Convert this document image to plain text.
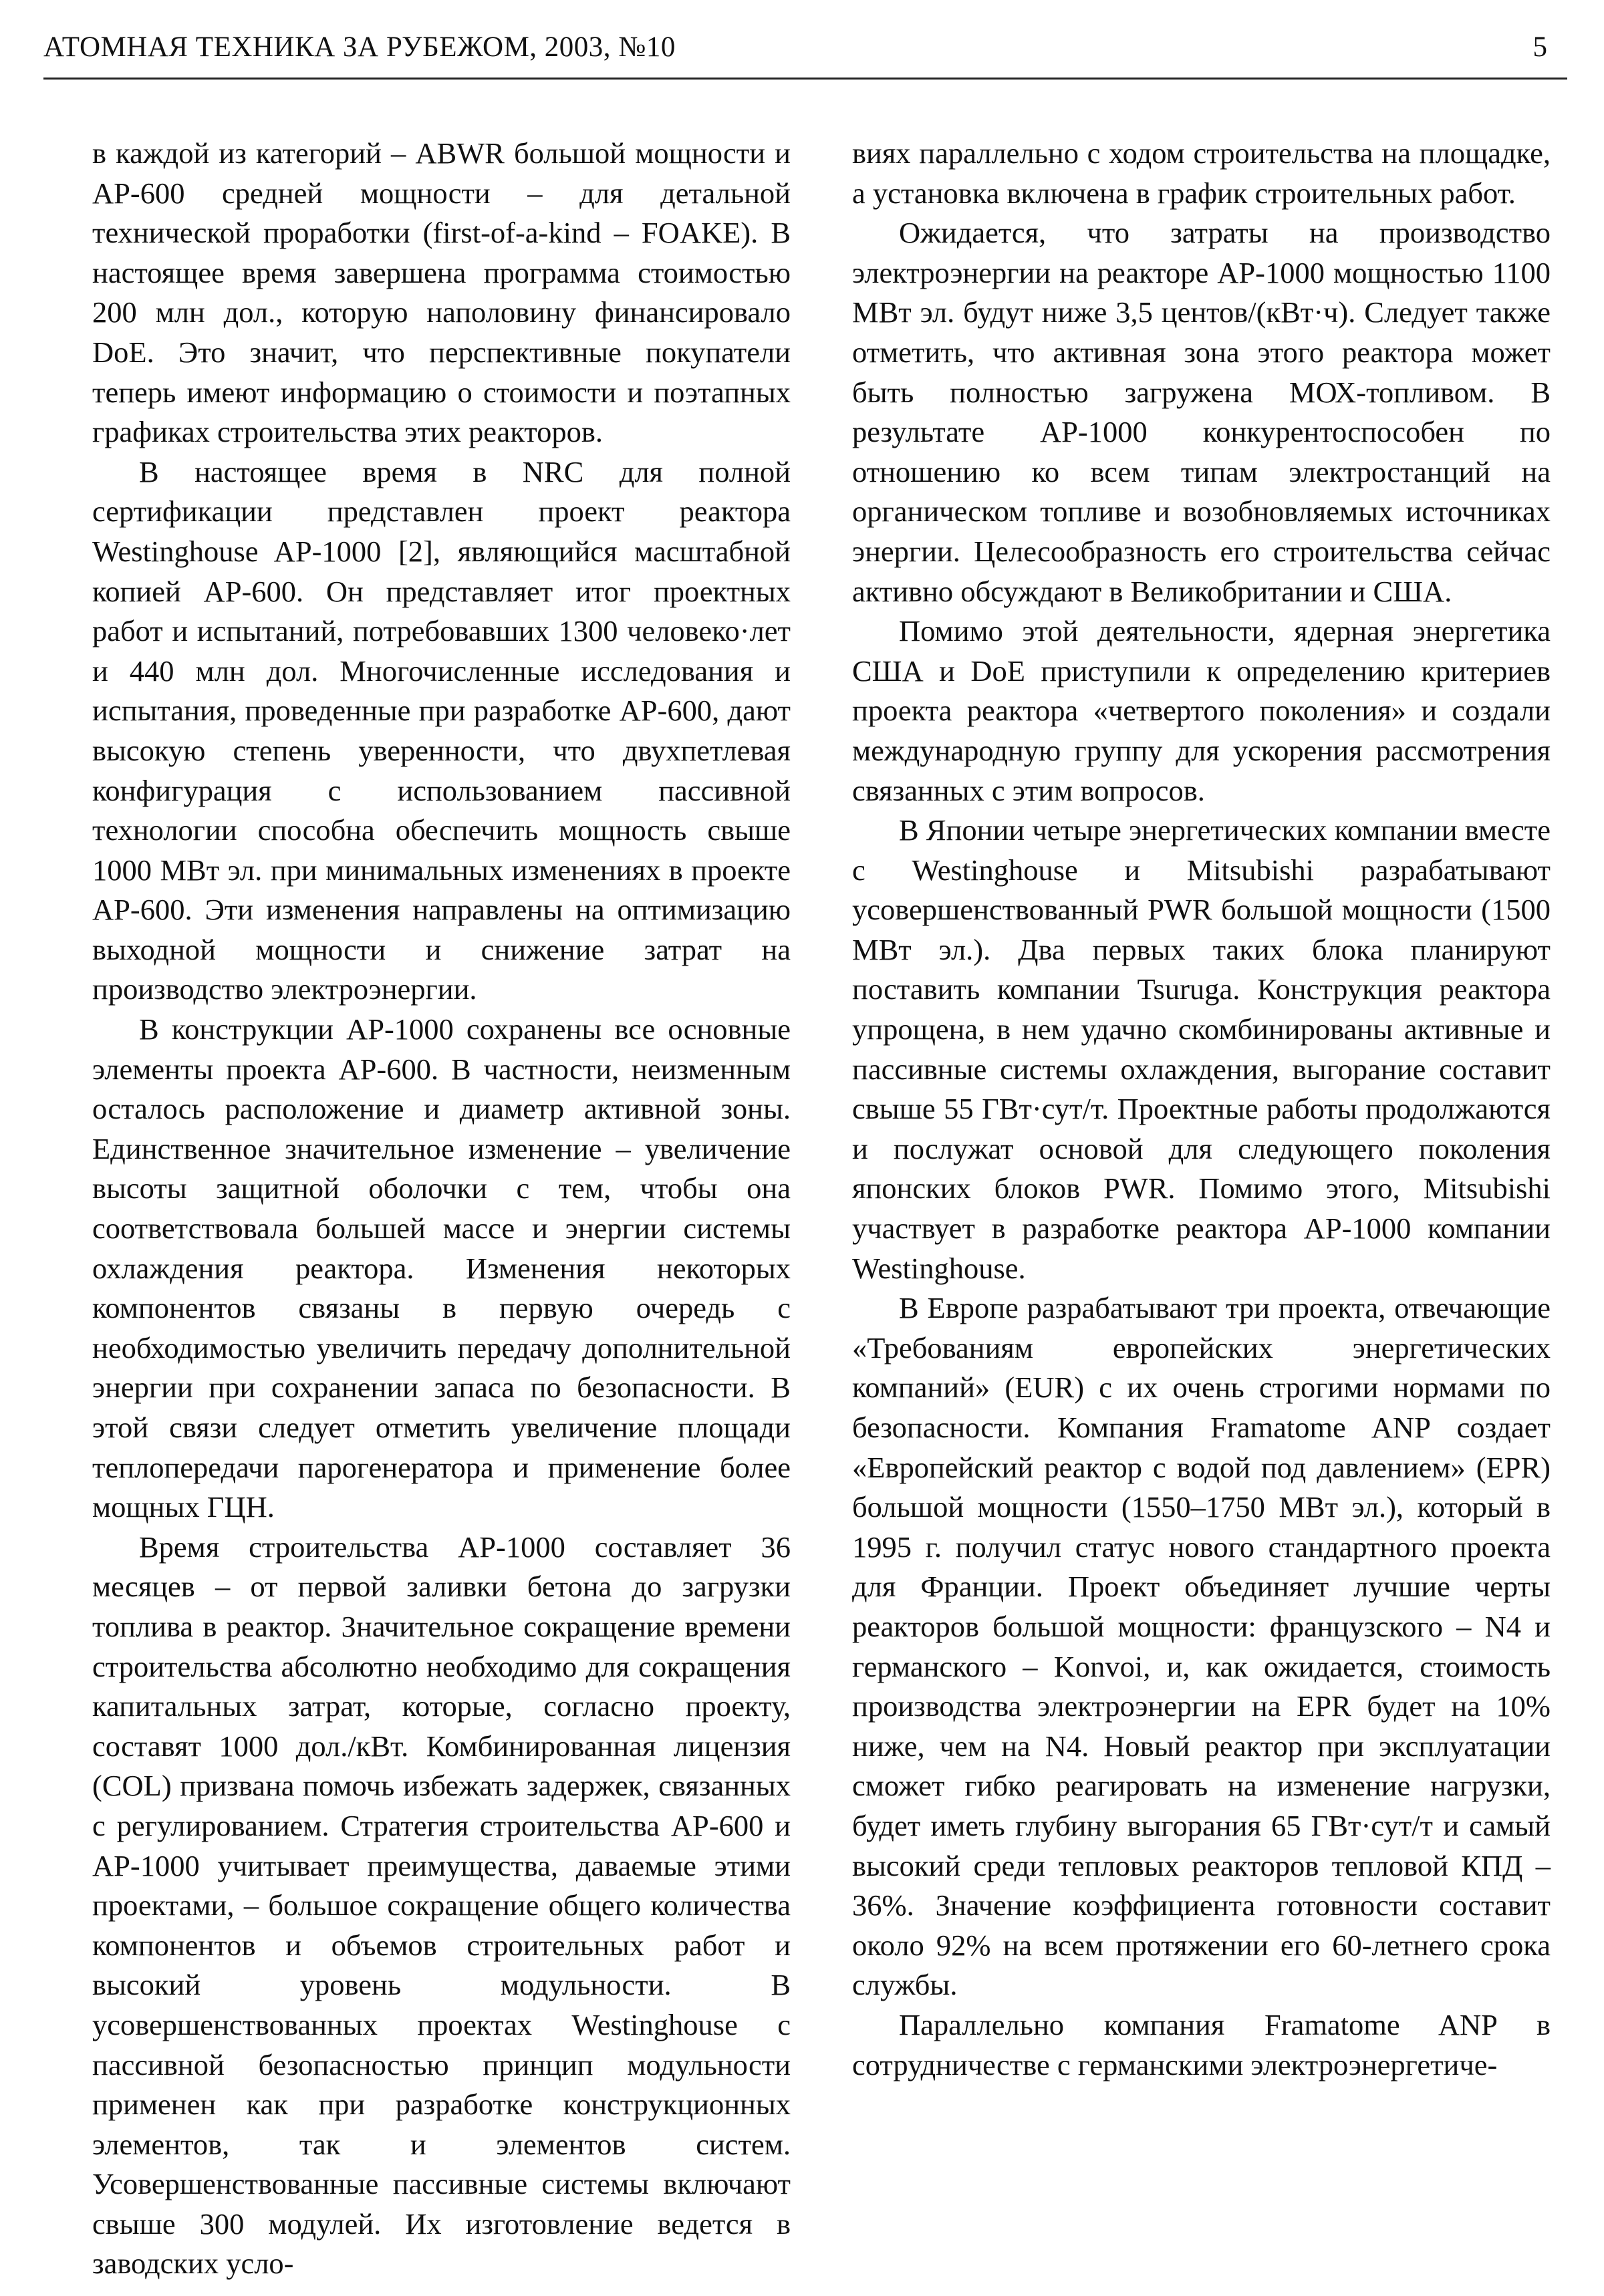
АТОМНАЯ ТЕХНИКА ЗА РУБЕЖОМ, 2003, №10	5

в каждой из категорий – ABWR большой мощности и AP-600 средней мощности – для детальной технической проработки (first-of-a-kind – FOAKE). В настоящее время завершена программа стоимостью 200 млн дол., которую наполовину финансировало DoE. Это значит, что перспективные покупатели теперь имеют информацию о стоимости и поэтапных графиках строительства этих реакторов.

В настоящее время в NRC для полной сертификации представлен проект реактора Westinghouse AP-1000 [2], являющийся масштабной копией AP-600. Он представляет итог проектных работ и испытаний, потребовавших 1300 человеко·лет и 440 млн дол. Многочисленные исследования и испытания, проведенные при разработке AP-600, дают высокую степень уверенности, что двухпетлевая конфигурация с использованием пассивной технологии способна обеспечить мощность свыше 1000 МВт эл. при минимальных изменениях в проекте AP-600. Эти изменения направлены на оптимизацию выходной мощности и снижение затрат на производство электроэнергии.

В конструкции AP-1000 сохранены все основные элементы проекта AP-600. В частности, неизменным осталось расположение и диаметр активной зоны. Единственное значительное изменение – увеличение высоты защитной оболочки с тем, чтобы она соответствовала большей массе и энергии системы охлаждения реактора. Изменения некоторых компонентов связаны в первую очередь с необходимостью увеличить передачу дополнительной энергии при сохранении запаса по безопасности. В этой связи следует отметить увеличение площади теплопередачи парогенератора и применение более мощных ГЦН.

Время строительства AP-1000 составляет 36 месяцев – от первой заливки бетона до загрузки топлива в реактор. Значительное сокращение времени строительства абсолютно необходимо для сокращения капитальных затрат, которые, согласно проекту, составят 1000 дол./кВт. Комбинированная лицензия (COL) призвана помочь избежать задержек, связанных с регулированием. Стратегия строительства AP-600 и AP-1000 учитывает преимущества, даваемые этими проектами, – большое сокращение общего количества компонентов и объемов строительных работ и высокий уровень модульности. В усовершенствованных проектах Westinghouse с пассивной безопасностью принцип модульности применен как при разработке конструкционных элементов, так и элементов систем. Усовершенствованные пассивные системы включают свыше 300 модулей. Их изготовление ведется в заводских усло-

виях параллельно с ходом строительства на площадке, а установка включена в график строительных работ.

Ожидается, что затраты на производство электроэнергии на реакторе AP-1000 мощностью 1100 МВт эл. будут ниже 3,5 центов/(кВт·ч). Следует также отметить, что активная зона этого реактора может быть полностью загружена МОХ-топливом. В результате AP-1000 конкурентоспособен по отношению ко всем типам электростанций на органическом топливе и возобновляемых источниках энергии. Целесообразность его строительства сейчас активно обсуждают в Великобритании и США.

Помимо этой деятельности, ядерная энергетика США и DoE приступили к определению критериев проекта реактора «четвертого поколения» и создали международную группу для ускорения рассмотрения связанных с этим вопросов.

В Японии четыре энергетических компании вместе с Westinghouse и Mitsubishi разрабатывают усовершенствованный PWR большой мощности (1500 МВт эл.). Два первых таких блока планируют поставить компании Tsuruga. Конструкция реактора упрощена, в нем удачно скомбинированы активные и пассивные системы охлаждения, выгорание составит свыше 55 ГВт·сут/т. Проектные работы продолжаются и послужат основой для следующего поколения японских блоков PWR. Помимо этого, Mitsubishi участвует в разработке реактора AP-1000 компании Westinghouse.

В Европе разрабатывают три проекта, отвечающие «Требованиям европейских энергетических компаний» (EUR) с их очень строгими нормами по безопасности. Компания Framatome ANP создает «Европейский реактор с водой под давлением» (EPR) большой мощности (1550–1750 МВт эл.), который в 1995 г. получил статус нового стандартного проекта для Франции. Проект объединяет лучшие черты реакторов большой мощности: французского – N4 и германского – Konvoi, и, как ожидается, стоимость производства электроэнергии на EPR будет на 10% ниже, чем на N4. Новый реактор при эксплуатации сможет гибко реагировать на изменение нагрузки, будет иметь глубину выгорания 65 ГВт·сут/т и самый высокий среди тепловых реакторов тепловой КПД – 36%. Значение коэффициента готовности составит около 92% на всем протяжении его 60-летнего срока службы.

Параллельно компания Framatome ANP в сотрудничестве с германскими электроэнергетиче-
